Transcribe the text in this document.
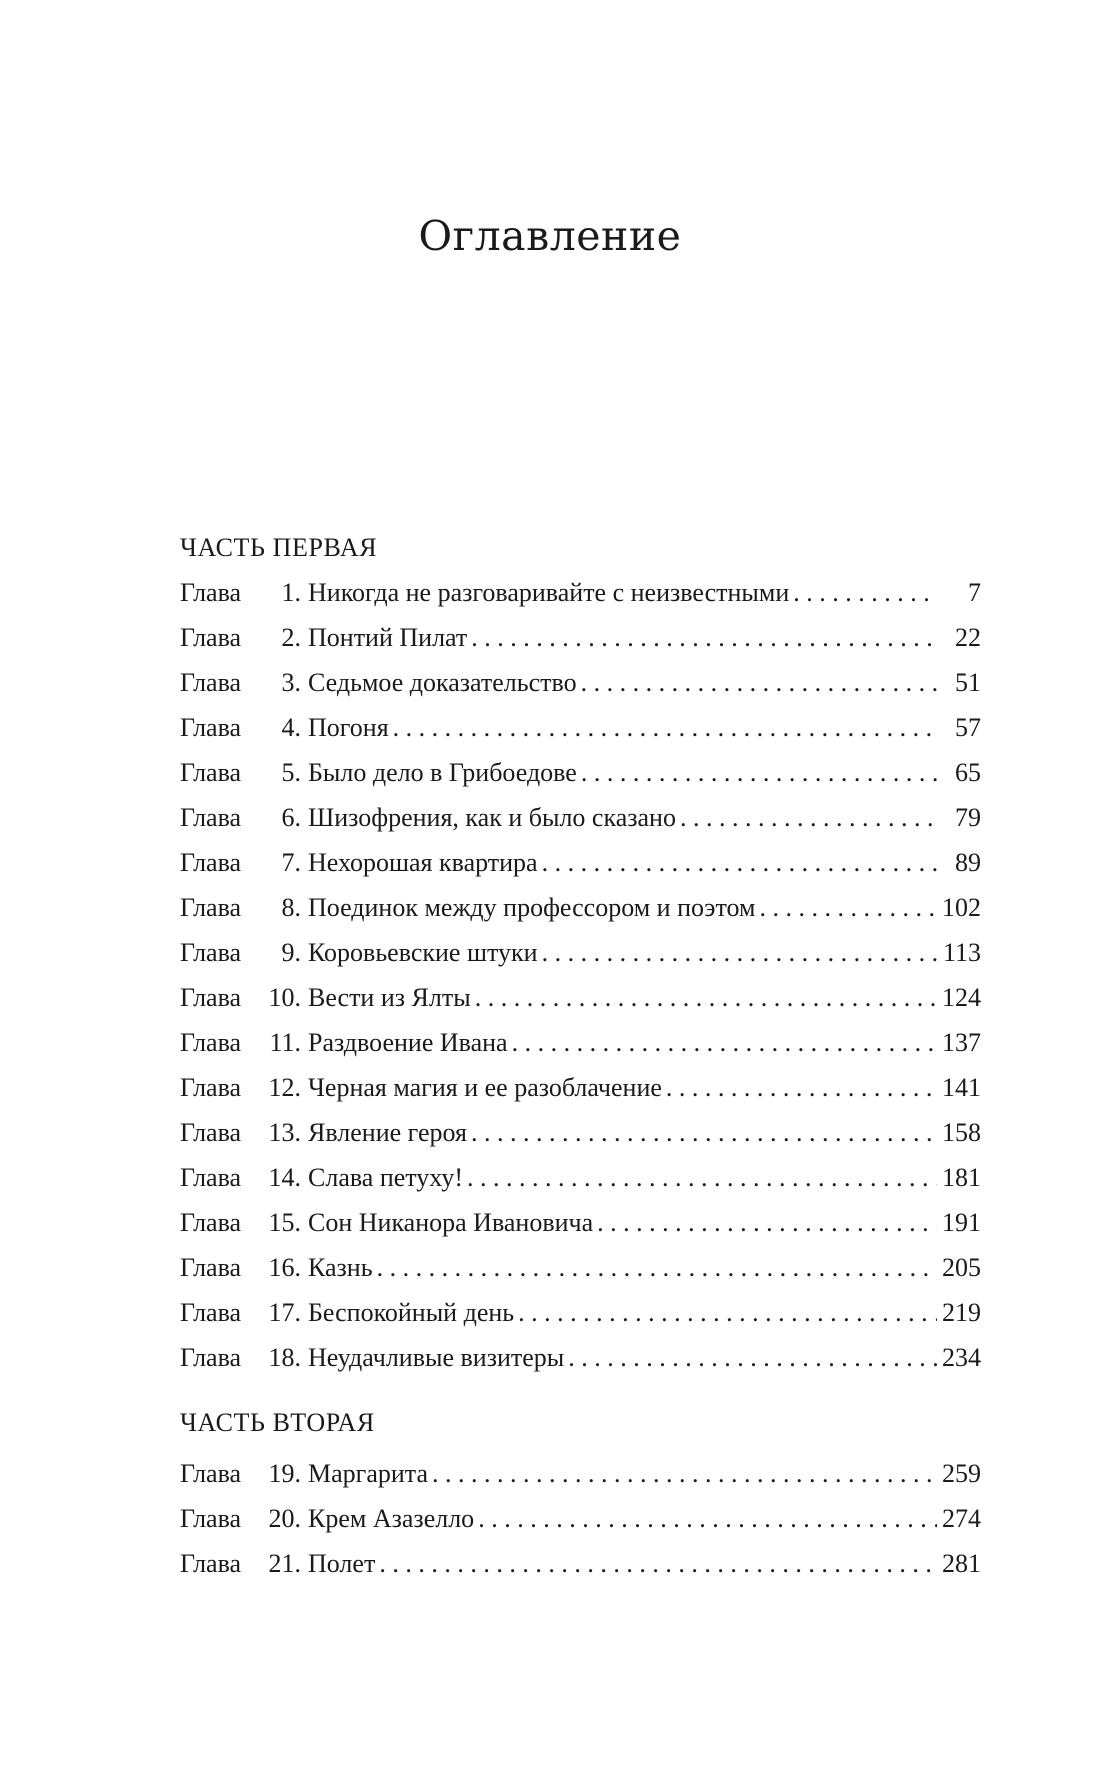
Оглавление
ЧАСТЬ ПЕРВАЯ
Глава	1. Никогда не разговаривайте с неизвестными . . .	7
Глава	2. Понтий Пилат . . .	22
Глава	3. Седьмое доказательство . . .	51
Глава	4. Погоня . . .	57
Глава	5. Было дело в Грибоедове . . .	65
Глава	6. Шизофрения, как и было сказано . . .	79
Глава	7. Нехорошая квартира . . .	89
Глава	8. Поединок между профессором и поэтом . . .	102
Глава	9. Коровьевские штуки . . .	113
Глава	10. Вести из Ялты . . .	124
Глава	11. Раздвоение Ивана . . .	137
Глава	12. Черная магия и ее разоблачение . . .	141
Глава	13. Явление героя . . .	158
Глава	14. Слава петуху! . . .	181
Глава	15. Сон Никанора Ивановича . . .	191
Глава	16. Казнь . . .	205
Глава	17. Беспокойный день . . .	219
Глава	18. Неудачливые визитеры . . .	234
ЧАСТЬ ВТОРАЯ
Глава	19. Маргарита . . .	259
Глава	20. Крем Азазелло . . .	274
Глава	21. Полет . . .	281
